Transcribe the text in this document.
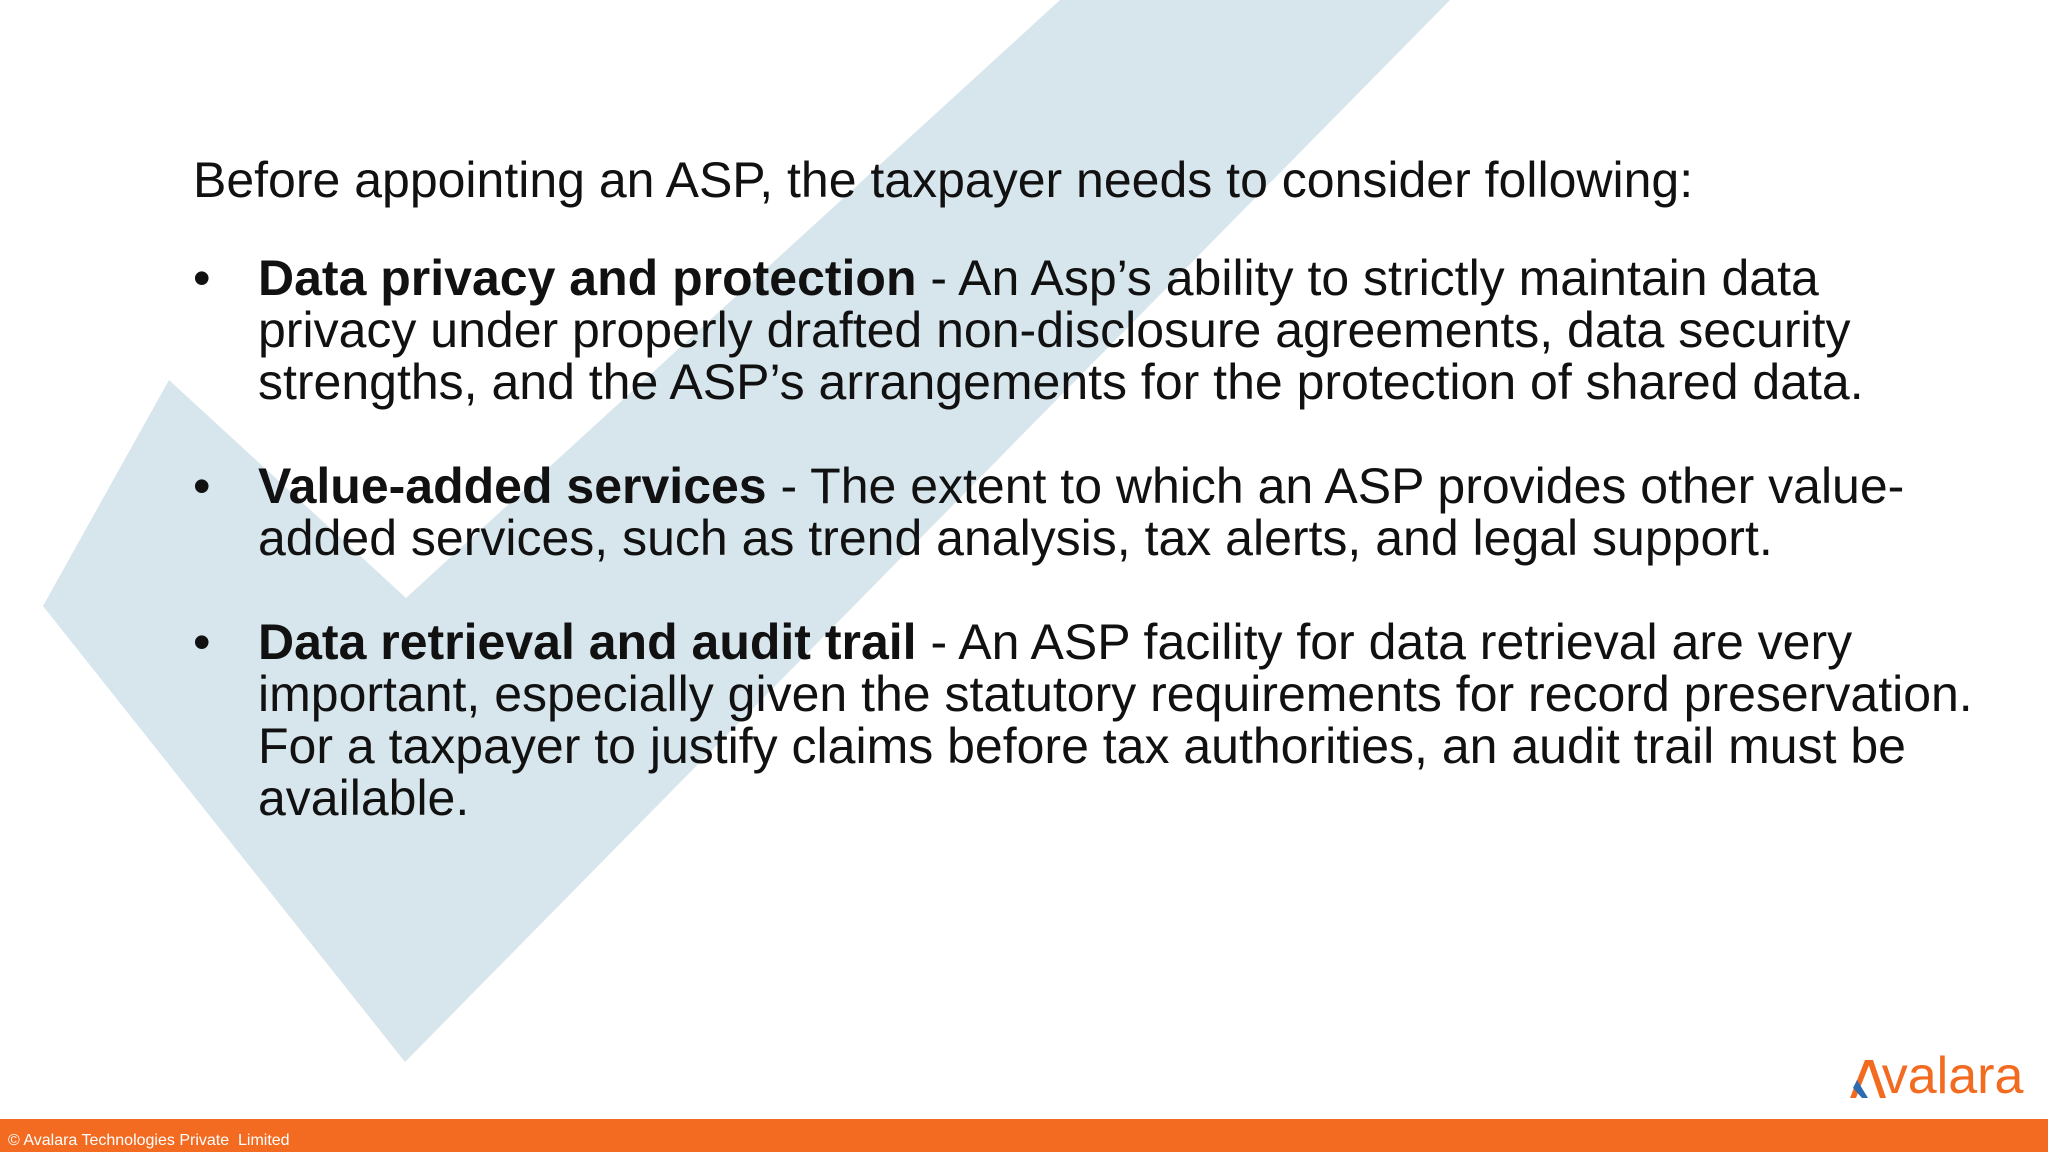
Before appointing an ASP, the taxpayer needs to consider following:
• Data privacy and protection - An Asp’s ability to strictly maintain data privacy under properly drafted non-disclosure agreements, data security strengths, and the ASP’s arrangements for the protection of shared data.
• Value-added services - The extent to which an ASP provides other value-added services, such as trend analysis, tax alerts, and legal support.
• Data retrieval and audit trail - An ASP facility for data retrieval are very important, especially given the statutory requirements for record preservation. For a taxpayer to justify claims before tax authorities, an audit trail must be available.
valara
© Avalara Technologies Private  Limited
